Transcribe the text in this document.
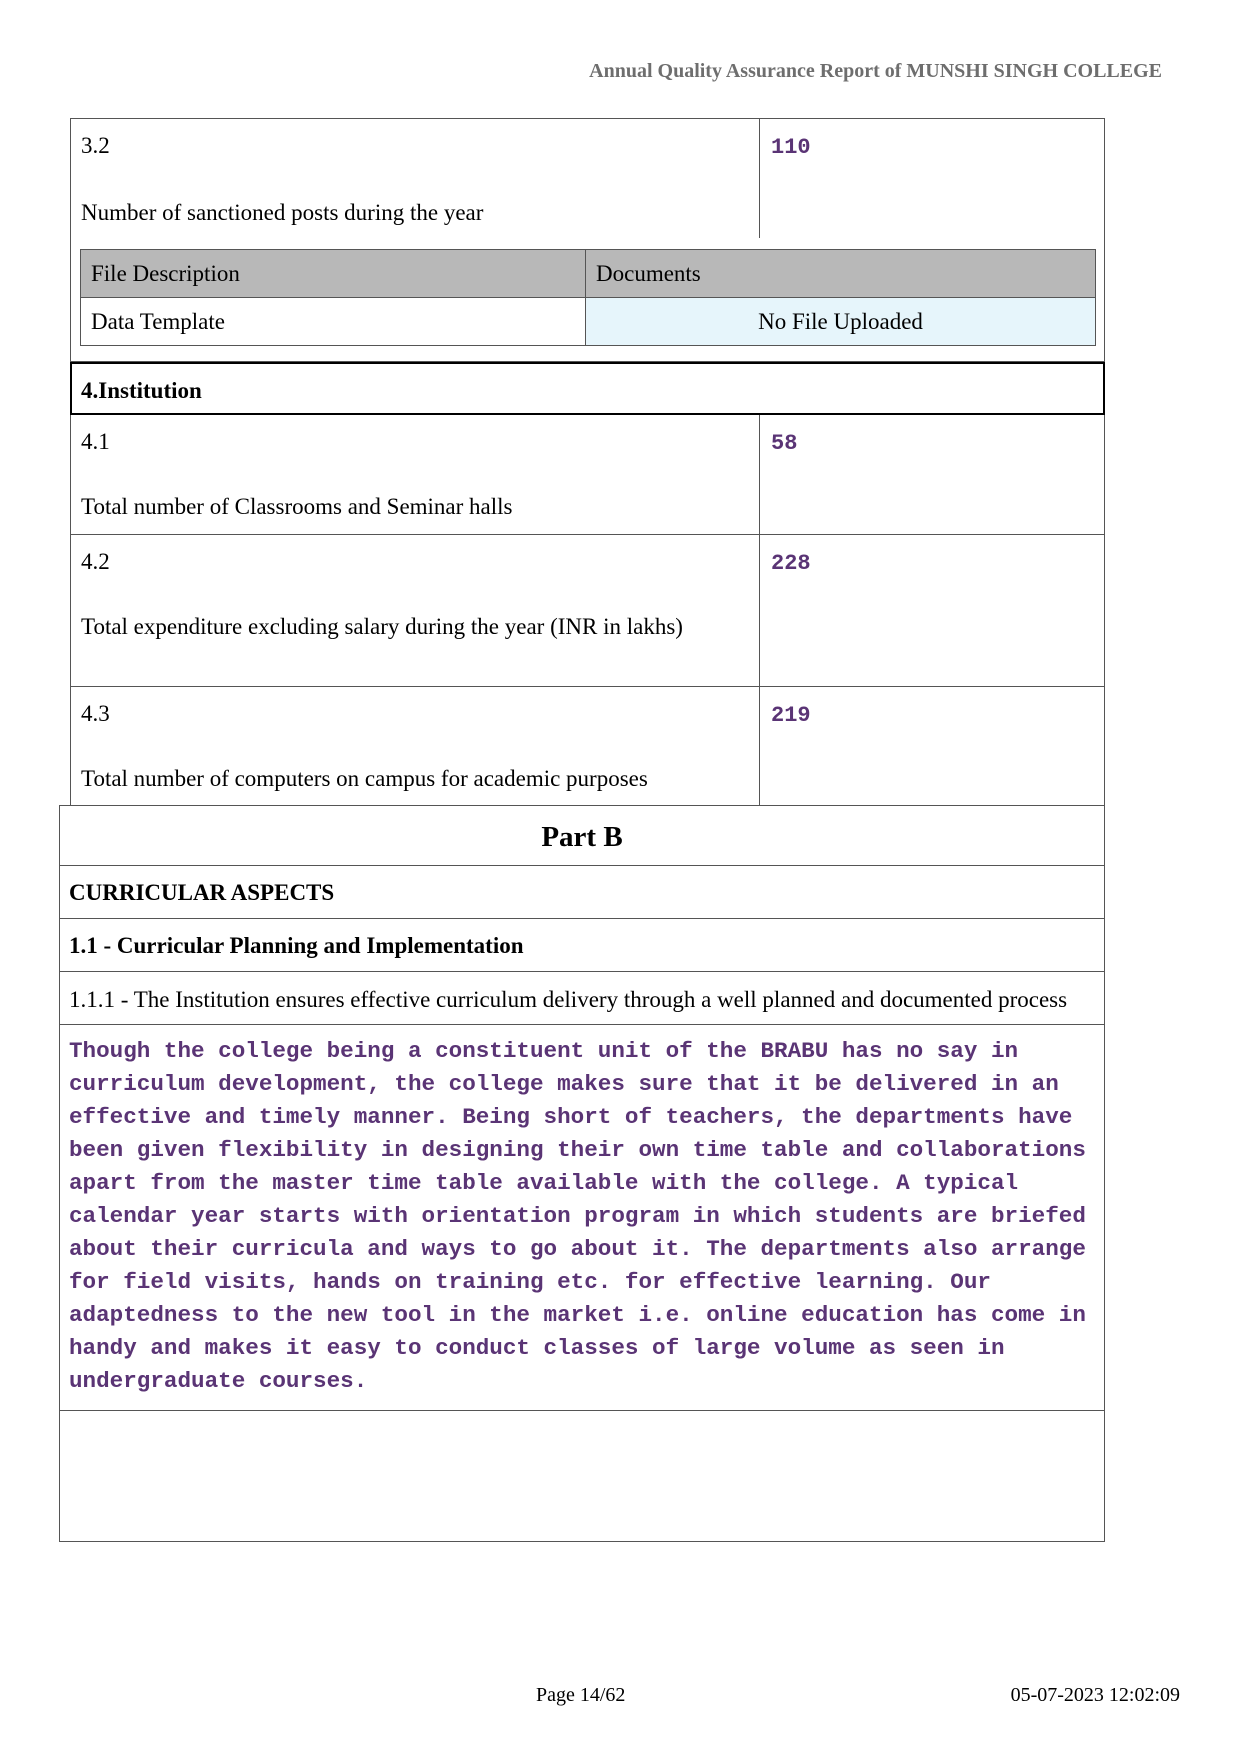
Annual Quality Assurance Report of MUNSHI SINGH COLLEGE
3.2
Number of sanctioned posts during the year
110
File Description	Documents
Data Template	No File Uploaded
4.Institution
4.1
Total number of Classrooms and Seminar halls
58
4.2
Total expenditure excluding salary during the year (INR in lakhs)
228
4.3
Total number of computers on campus for academic purposes
219
Part B
CURRICULAR ASPECTS
1.1 - Curricular Planning and Implementation
1.1.1 - The Institution ensures effective curriculum delivery through a well planned and documented process
Though the college being a constituent unit of the BRABU has no say in curriculum development, the college makes sure that it be delivered in an effective and timely manner. Being short of teachers, the departments have been given flexibility in designing their own time table and collaborations apart from the master time table available with the college. A typical calendar year starts with orientation program in which students are briefed about their curricula and ways to go about it. The departments also arrange for field visits, hands on training etc. for effective learning. Our adaptedness to the new tool in the market i.e. online education has come in handy and makes it easy to conduct classes of large volume as seen in undergraduate courses.
Page 14/62	05-07-2023 12:02:09
